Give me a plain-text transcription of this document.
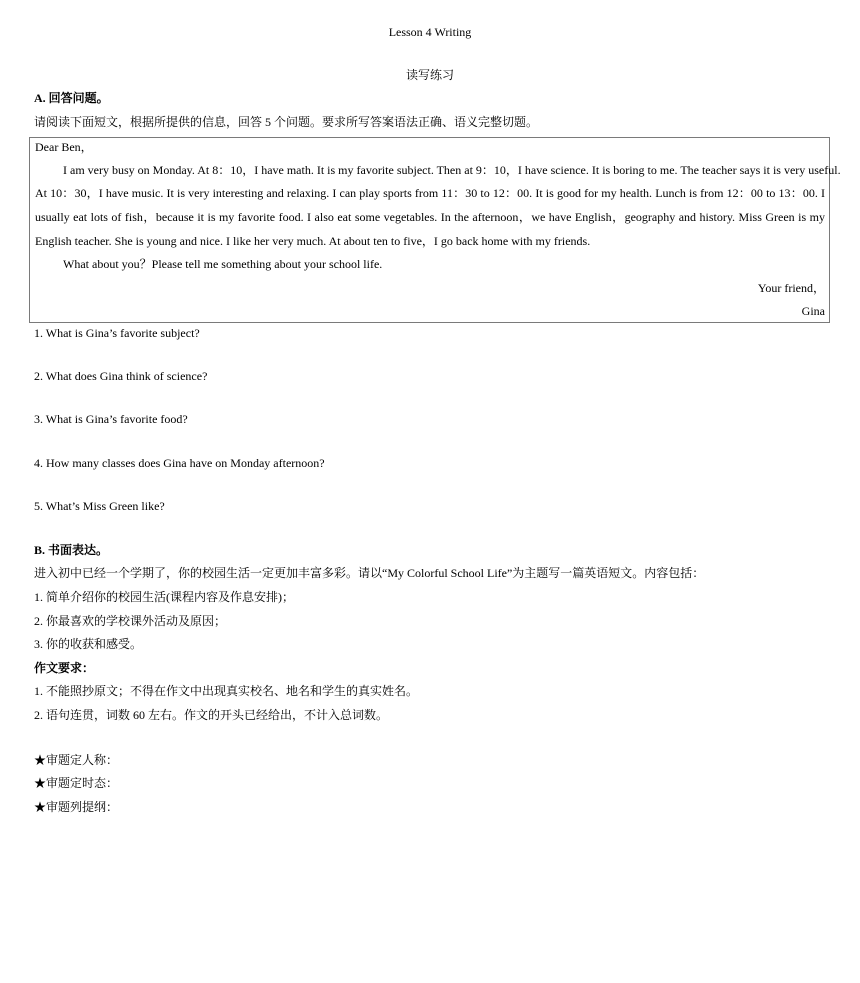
Lesson 4 Writing
读写练习
A. 回答问题。
请阅读下面短文，根据所提供的信息，回答 5 个问题。要求所写答案语法正确、语义完整切题。
Dear Ben，
I am very busy on Monday. At 8：10，I have math. It is my favorite subject. Then at 9：10，I have science. It is boring to me. The teacher says it is very useful.
At 10：30，I have music. It is very interesting and relaxing. I can play sports from 11：30 to 12：00. It is good for my health. Lunch is from 12：00 to 13：00. I
usually eat lots of fish，because it is my favorite food. I also eat some vegetables. In the afternoon，we have English，geography and history. Miss Green is my
English teacher. She is young and nice. I like her very much. At about ten to five，I go back home with my friends.
What about you？Please tell me something about your school life.
Your friend，
Gina
1. What is Gina’s favorite subject?
2. What does Gina think of science?
3. What is Gina’s favorite food?
4. How many classes does Gina have on Monday afternoon?
5. What’s Miss Green like?
B. 书面表达。
进入初中已经一个学期了，你的校园生活一定更加丰富多彩。请以“My Colorful School Life”为主题写一篇英语短文。内容包括：
1. 简单介绍你的校园生活(课程内容及作息安排)；
2. 你最喜欢的学校课外活动及原因；
3. 你的收获和感受。
作文要求：
1. 不能照抄原文；不得在作文中出现真实校名、地名和学生的真实姓名。
2. 语句连贯，词数 60 左右。作文的开头已经给出，不计入总词数。
★审题定人称：
★审题定时态：
★审题列提纲：
